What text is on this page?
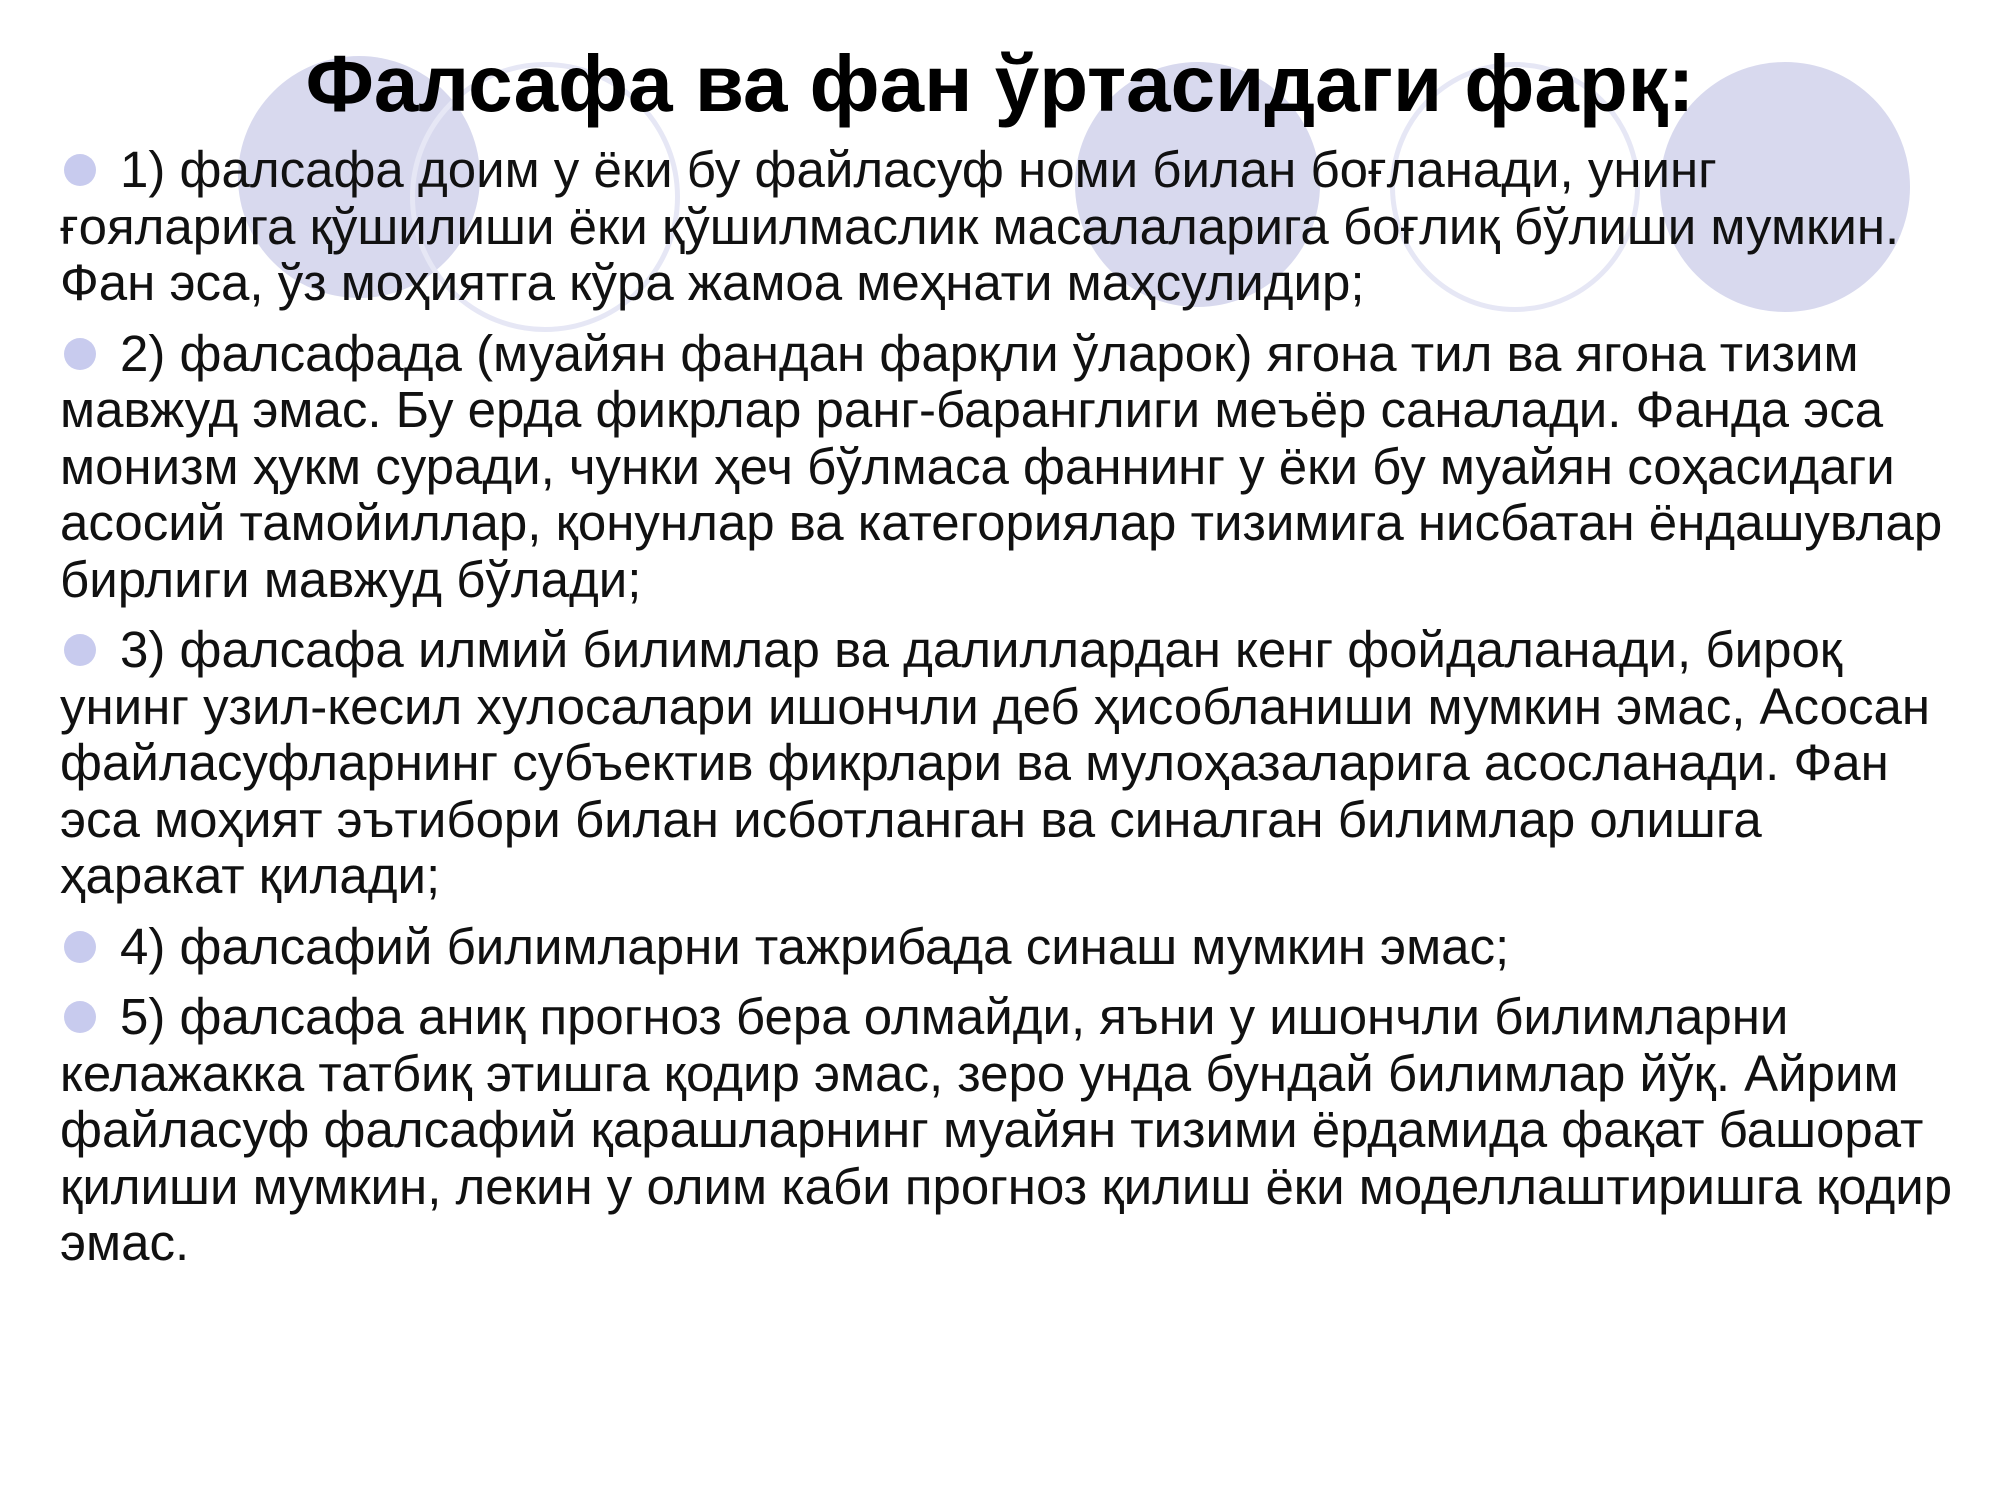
Фалсафа ва фан ўртасидаги фарқ:
1) фалсафа доим у ёки бу файласуф номи билан боғланади, унинг ғояларига қўшилиши ёки қўшилмаслик масалаларига боғлиқ бўлиши мумкин. Фан эса, ўз моҳиятга кўра жамоа меҳнати маҳсулидир;
2) фалсафада (муайян фандан фарқли ўларок) ягона тил ва ягона тизим мавжуд эмас. Бу ерда фикрлар ранг-баранглиги меъёр саналади. Фанда эса монизм ҳукм суради, чунки ҳеч бўлмаса фаннинг у ёки бу муайян соҳасидаги асосий тамойиллар, қонунлар ва категориялар тизимига нисбатан ёндашувлар бирлиги мавжуд бўлади;
3) фалсафа илмий билимлар ва далиллардан кенг фойдаланади, бироқ унинг узил-кесил хулосалари ишончли деб ҳисобланиши мумкин эмас, Асосан файласуфларнинг субъектив фикрлари ва мулоҳазаларига асосланади. Фан эса моҳият эътибори билан исботланган ва синалган билимлар олишга ҳаракат қилади;
4) фалсафий билимларни тажрибада синаш мумкин эмас;
5) фалсафа аниқ прогноз бера олмайди, яъни у ишончли билимларни келажакка татбиқ этишга қодир эмас, зеро унда бундай билимлар йўқ. Айрим файласуф фалсафий қарашларнинг муайян тизими ёрдамида фақат башорат қилиши мумкин, лекин у олим каби прогноз қилиш ёки моделлаштиришга қодир эмас.
